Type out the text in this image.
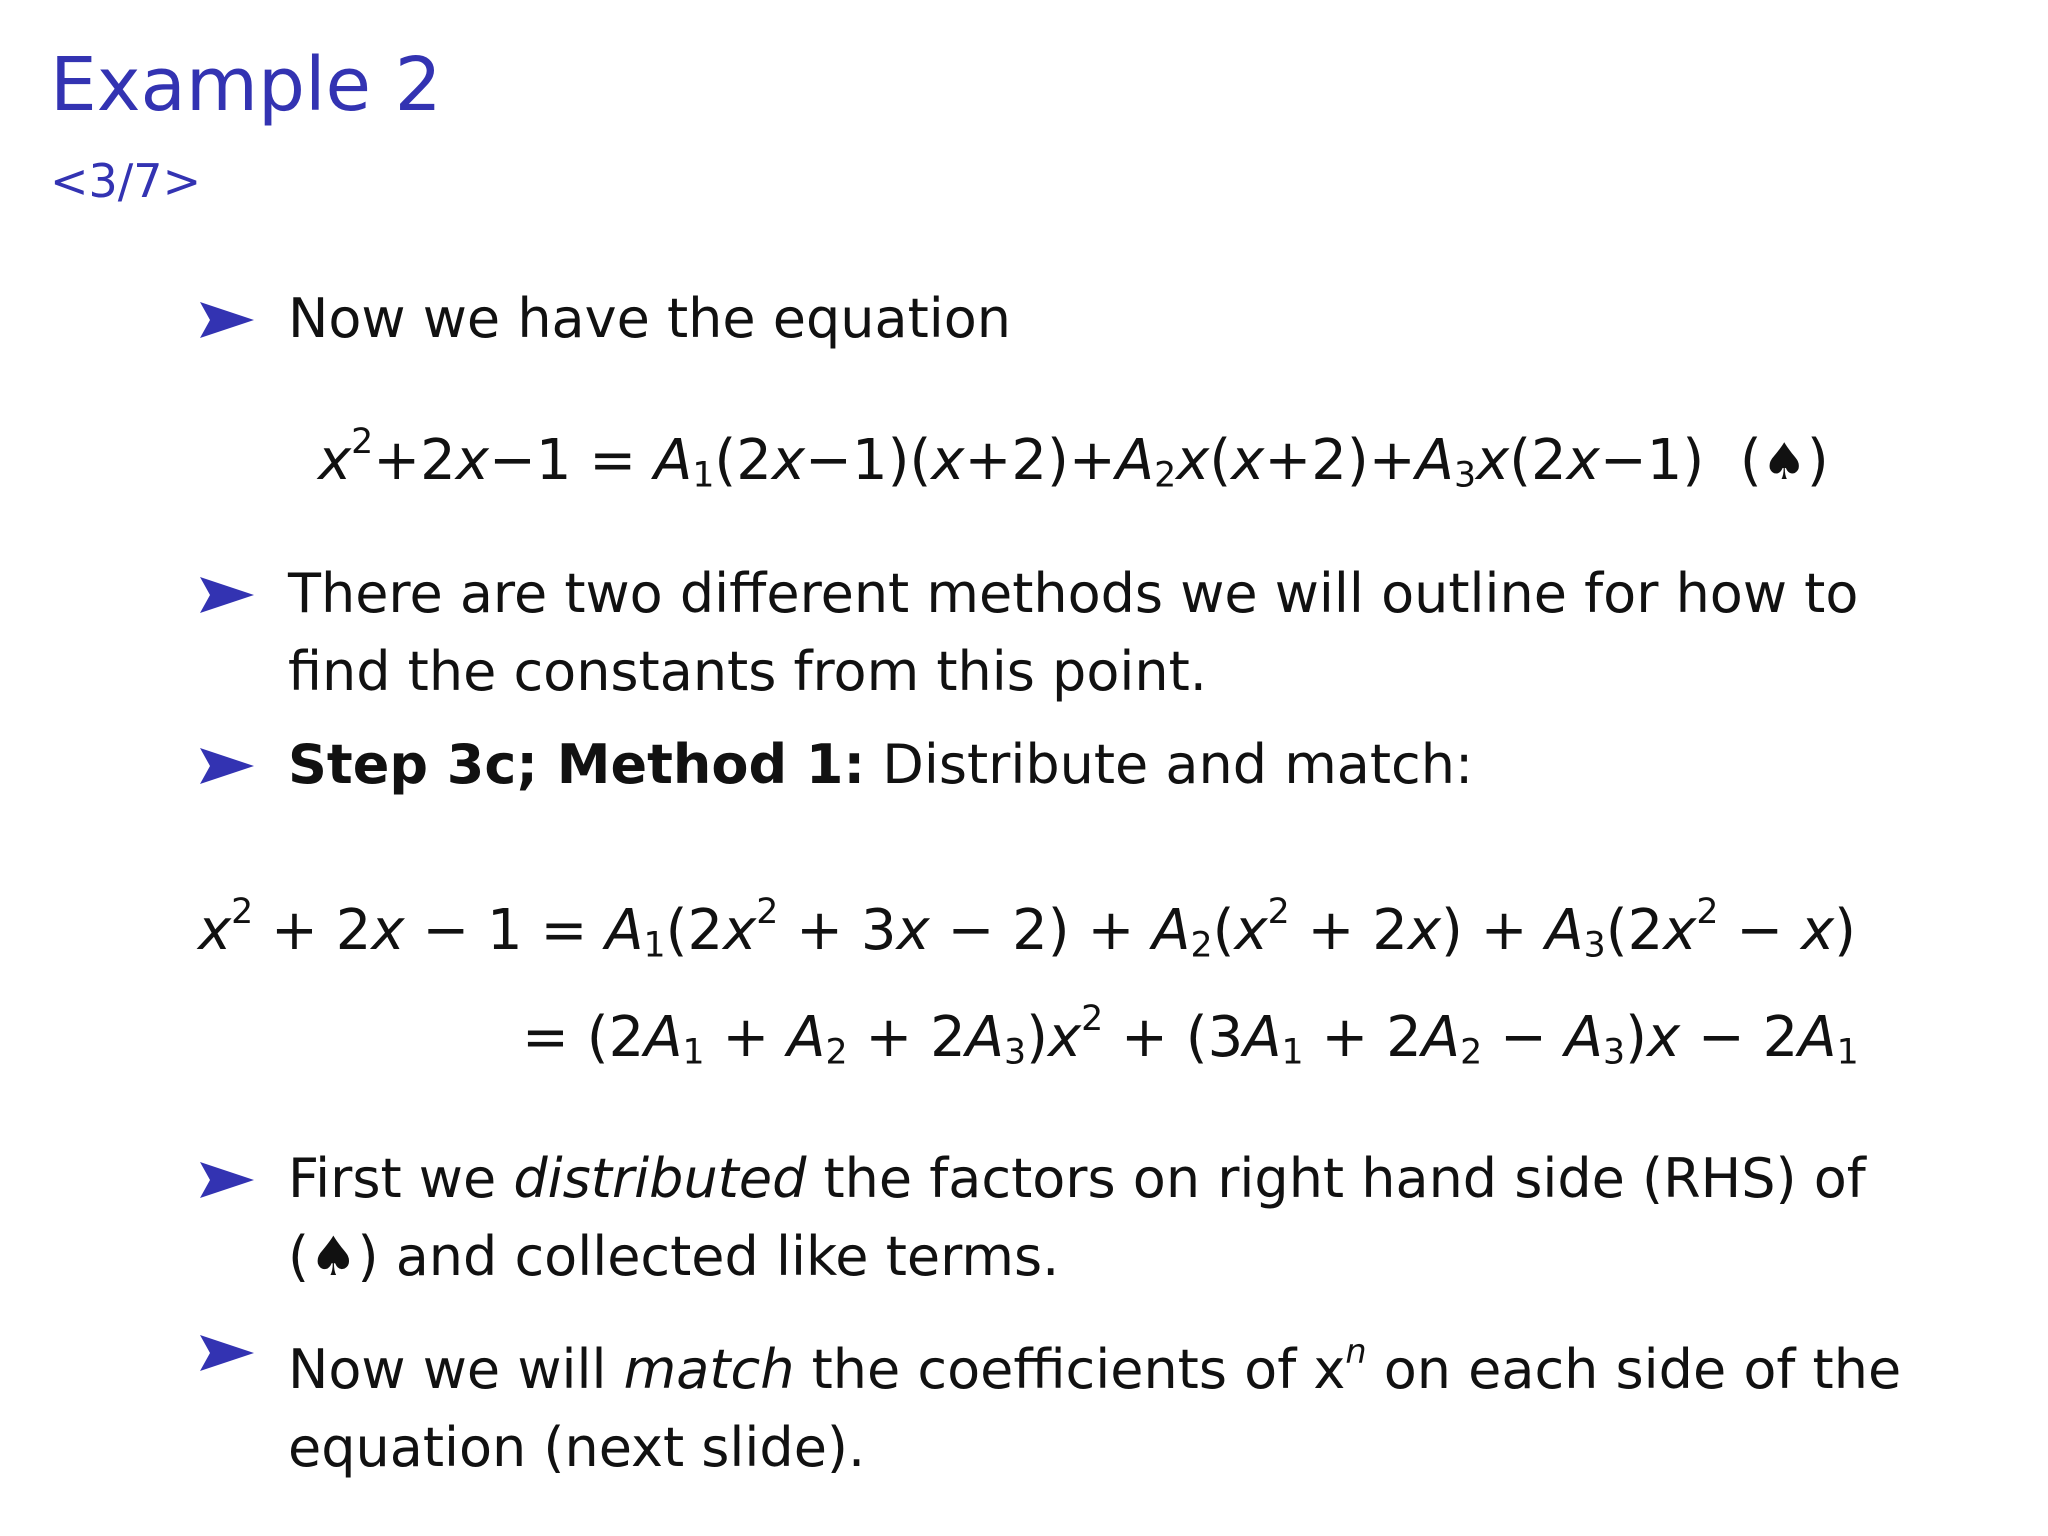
Example 2
<3/7>
Now we have the equation
$x^2+2x-1 = A_1(2x-1)(x+2)+A_2x(x+2)+A_3x(2x-1)$  (♠)
There are two different methods we will outline for how to find the constants from this point.
Step 3c; Method 1: Distribute and match:
$x^2 + 2x - 1 = A_1(2x^2 + 3x - 2) + A_2(x^2 + 2x) + A_3(2x^2 - x)$
= $(2A_1 + A_2 + 2A_3)x^2 + (3A_1 + 2A_2 - A_3)x - 2A_1$
First we distributed the factors on right hand side (RHS) of (♠) and collected like terms.
Now we will match the coefficients of $x^n$ on each side of the equation (next slide).
